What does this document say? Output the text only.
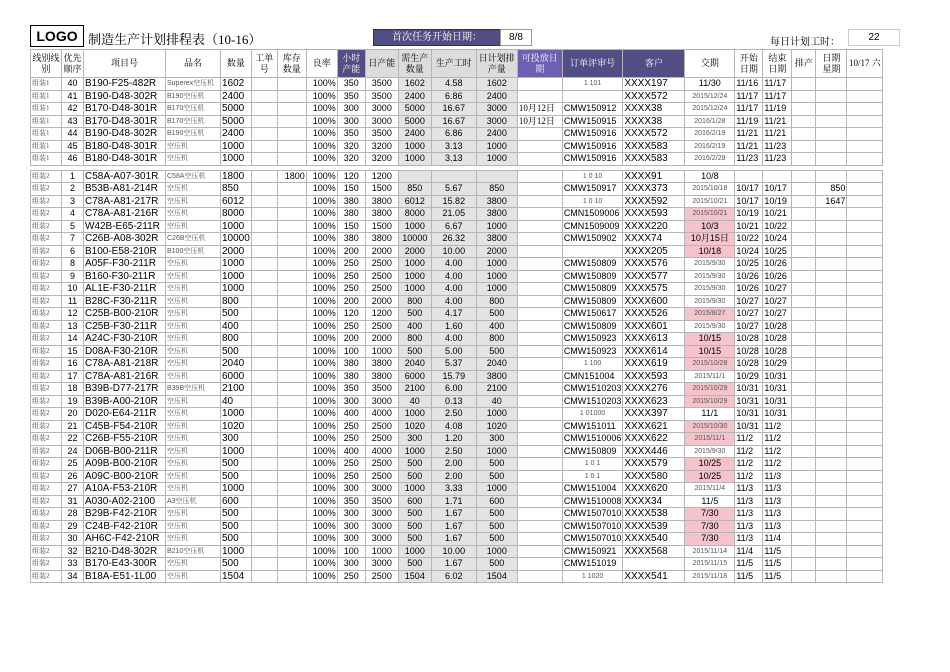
LOGO 制造生产计划排程表（10-16）	首次任务开始日期：	8/8	每日计划工时：	22
线别线别	优先顺序	项目号	品名	数量	工单号	库存数量	良率	小时产能	日产能	需生产数量	生产工时	日计划排产量	可投放日期	订单评审号	客户	交期	开始日期	结束日期	排产	日期 星期	10/17 六
组装1	40	B190-F25-482R	Superex空压机	1602			100%	350	3500	1602	4.58	1602		1 101	XXXX197	11/30	11/16	11/17			
组装1	41	B190-D48-302R	B190空压机	2400			100%	350	3500	2400	6.86	2400			XXXX572	2015/12/24	11/17	11/17			
组装1	42	B170-D48-301R	B170空压机	5000			100%	300	3000	5000	16.67	3000	10月12日	CMW150912	XXXX38	2015/12/24	11/17	11/19			
组装1	43	B170-D48-301R	B170空压机	5000			100%	300	3000	5000	16.67	3000	10月12日	CMW150915	XXXX38	2016/1/28	11/19	11/21			
组装1	44	B190-D48-302R	B190空压机	2400			100%	350	3500	2400	6.86	2400		CMW150916	XXXX572	2016/2/19	11/21	11/21			
组装1	45	B180-D48-301R	空压机	1000			100%	320	3200	1000	3.13	1000		CMW150916	XXXX583	2016/2/19	11/21	11/23			
组装1	46	B180-D48-301R	空压机	1000			100%	320	3200	1000	3.13	1000		CMW150916	XXXX583	2016/2/29	11/23	11/23			

组装2	1	C58A-A07-301R	C58A空压机	1800		1800	100%	120	1200					1 0 10	XXXX91	10/8					
组装2	2	B53B-A81-214R	空压机	850			100%	150	1500	850	5.67	850		CMW150917	XXXX373	2015/10/18	10/17	10/17		850	
组装2	3	C78A-A81-217R	空压机	6012			100%	380	3800	6012	15.82	3800		1 0 10	XXXX592	2015/10/21	10/17	10/19		1647	
组装2	4	C78A-A81-216R	空压机	8000			100%	380	3800	8000	21.05	3800		CMN1509006	XXXX593	2015/10/21	10/19	10/21			
组装2	5	W42B-E65-211R	空压机	1000			100%	150	1500	1000	6.67	1000		CMN1509009	XXXX220	10/3	10/21	10/22			
组装2	7	C26B-A08-302R	C26B空压机	10000			100%	380	3800	10000	26.32	3800		CMW150902	XXXX74	10月15日	10/22	10/24			
组装2	6	B100-E58-210R	B100空压机	2000			100%	200	2000	2000	10.00	2000			XXXX205	10/18	10/24	10/25			
组装2	8	A05F-F30-211R	空压机	1000			100%	250	2500	1000	4.00	1000		CMW150809	XXXX576	2015/9/30	10/25	10/26			
组装2	9	B160-F30-211R	空压机	1000			100%	250	2500	1000	4.00	1000		CMW150809	XXXX577	2015/9/30	10/26	10/26			
组装2	10	AL1E-F30-211R	空压机	1000			100%	250	2500	1000	4.00	1000		CMW150809	XXXX575	2015/9/30	10/26	10/27			
组装2	11	B28C-F30-211R	空压机	800			100%	200	2000	800	4.00	800		CMW150809	XXXX600	2015/9/30	10/27	10/27			
组装2	12	C25B-B00-210R	空压机	500			100%	120	1200	500	4.17	500		CMW150617	XXXX526	2015/8/27	10/27	10/27			
组装2	13	C25B-F30-211R	空压机	400			100%	250	2500	400	1.60	400		CMW150809	XXXX601	2015/9/30	10/27	10/28			
组装2	14	A24C-F30-210R	空压机	800			100%	200	2000	800	4.00	800		CMW150923	XXXX613	10/15	10/28	10/28			
组装2	15	D08A-F30-210R	空压机	500			100%	100	1000	500	5.00	500		CMW150923	XXXX614	10/15	10/28	10/28			
组装2	16	C78A-A81-218R	空压机	2040			100%	380	3800	2040	5.37	2040		1 100	XXXX619	2015/10/28	10/28	10/29			
组装2	17	C78A-A81-216R	空压机	6000			100%	380	3800	6000	15.79	3800		CMN151004	XXXX593	2015/11/1	10/29	10/31			
组装2	18	B39B-D77-217R	B39B空压机	2100			100%	350	3500	2100	6.00	2100		CMW1510203	XXXX276	2015/10/29	10/31	10/31			
组装2	19	B39B-A00-210R	空压机	40			100%	300	3000	40	0.13	40		CMW1510203	XXXX623	2015/10/29	10/31	10/31			
组装2	20	D020-E64-211R	空压机	1000			100%	400	4000	1000	2.50	1000		1 01000	XXXX397	11/1	10/31	10/31			
组装2	21	C45B-F54-210R	空压机	1020			100%	250	2500	1020	4.08	1020		CMW151011	XXXX621	2015/10/30	10/31	11/2			
组装2	22	C26B-F55-210R	空压机	300			100%	250	2500	300	1.20	300		CMW1510006	XXXX622	2015/11/1	11/2	11/2			
组装2	24	D06B-B00-211R	空压机	1000			100%	400	4000	1000	2.50	1000		CMW150809	XXXX446	2015/9/30	11/2	11/2			
组装2	25	A09B-B00-210R	空压机	500			100%	250	2500	500	2.00	500		1 0 1	XXXX579	10/25	11/2	11/2			
组装2	26	A09C-B00-210R	空压机	500			100%	250	2500	500	2.00	500		1 0 1	XXXX580	10/25	11/2	11/3			
组装2	27	A10A-F53-210R	空压机	1000			100%	300	3000	1000	3.33	1000		CMW151004	XXXX620	2015/11/4	11/3	11/3			
组装2	31	A030-A02-2100	A3空压机	600			100%	350	3500	600	1.71	600		CMW1510008	XXXX34	11/5	11/3	11/3			
组装2	28	B29B-F42-210R	空压机	500			100%	300	3000	500	1.67	500		CMW1507010	XXXX538	7/30	11/3	11/3			
组装2	29	C24B-F42-210R	空压机	500			100%	300	3000	500	1.67	500		CMW1507010	XXXX539	7/30	11/3	11/3			
组装2	30	AH6C-F42-210R	空压机	500			100%	300	3000	500	1.67	500		CMW1507010	XXXX540	7/30	11/3	11/4			
组装2	32	B210-D48-302R	B210空压机	1000			100%	100	1000	1000	10.00	1000		CMW150921	XXXX568	2015/11/14	11/4	11/5			
组装2	33	B170-E43-300R	空压机	500			100%	300	3000	500	1.67	500		CMW151019		2015/11/15	11/5	11/5			
组装2	34	B18A-E51-1L00	空压机	1504			100%	250	2500	1504	6.02	1504		1 1020	XXXX541	2015/11/18	11/5	11/5			
